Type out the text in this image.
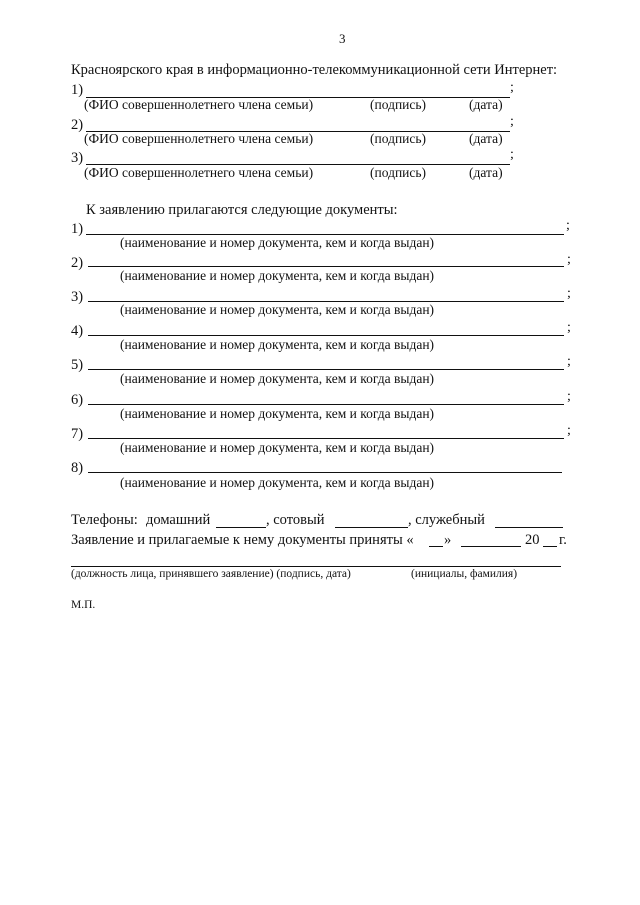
3
Красноярского края в информационно-телекоммуникационной сети Интернет:
1)	;
(ФИО совершеннолетнего члена семьи)	(подпись)	(дата)
2)	;
(ФИО совершеннолетнего члена семьи)	(подпись)	(дата)
3)	;
(ФИО совершеннолетнего члена семьи)	(подпись)	(дата)
К заявлению прилагаются следующие документы:
1)	;
(наименование и номер документа, кем и когда выдан)
2)	;
(наименование и номер документа, кем и когда выдан)
3)	;
(наименование и номер документа, кем и когда выдан)
4)	;
(наименование и номер документа, кем и когда выдан)
5)	;
(наименование и номер документа, кем и когда выдан)
6)	;
(наименование и номер документа, кем и когда выдан)
7)	;
(наименование и номер документа, кем и когда выдан)
8)
(наименование и номер документа, кем и когда выдан)
Телефоны: домашний	, сотовый	, служебный
Заявление и прилагаемые к нему документы приняты « »	20 г.
(должность лица, принявшего заявление) (подпись, дата)	(инициалы, фамилия)
М.П.
